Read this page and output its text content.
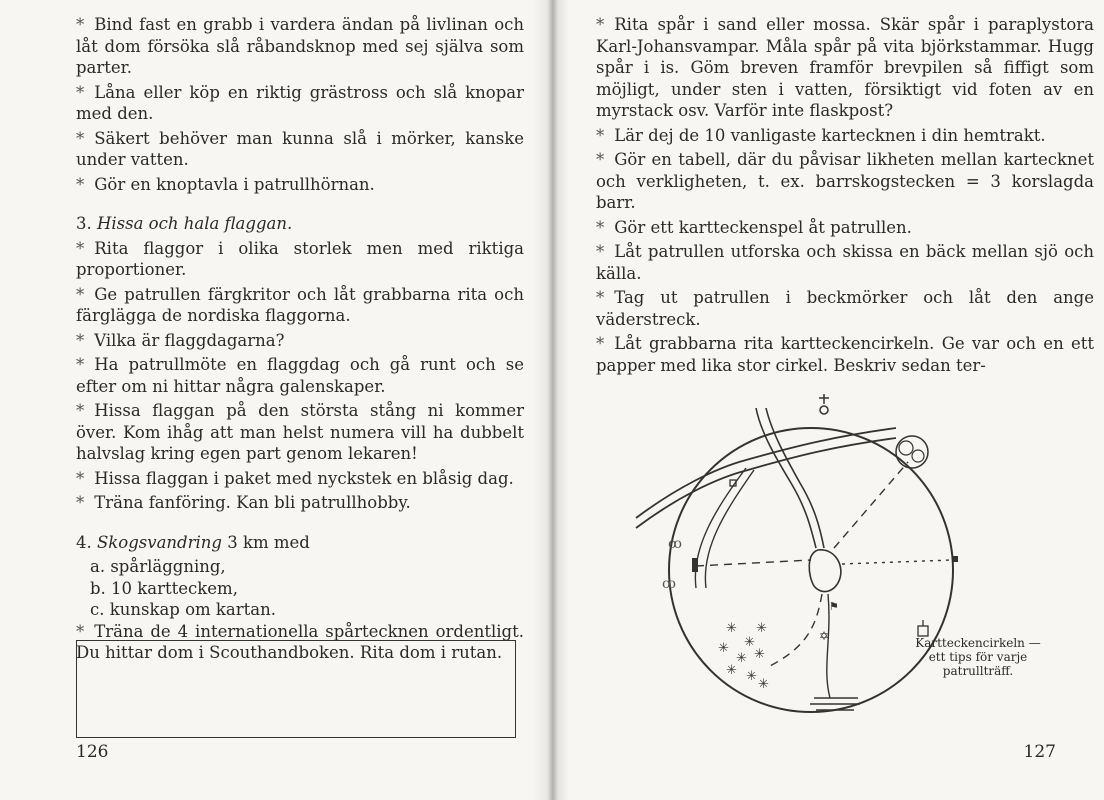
* Bind fast en grabb i vardera ändan på livlinan och låt dom försöka slå råbandsknop med sej själva som parter.

* Låna eller köp en riktig grästross och slå knopar med den.

* Säkert behöver man kunna slå i mörker, kanske under vatten.

* Gör en knoptavla i patrullhörnan.

3. Hissa och hala flaggan.

* Rita flaggor i olika storlek men med riktiga proportioner.

* Ge patrullen färgkritor och låt grabbarna rita och färglägga de nordiska flaggorna.

* Vilka är flaggdagarna?

* Ha patrullmöte en flaggdag och gå runt och se efter om ni hittar några galenskaper.

* Hissa flaggan på den största stång ni kommer över. Kom ihåg att man helst numera vill ha dubbelt halvslag kring egen part genom lekaren!

* Hissa flaggan i paket med nyckstek en blåsig dag.

* Träna fanföring. Kan bli patrullhobby.

4. Skogsvandring 3 km med

a. spårläggning,

b. 10 kartteckem,

c. kunskap om kartan.

* Träna de 4 internationella spårtecknen ordentligt. Du hittar dom i Scouthandboken. Rita dom i rutan.

126

* Rita spår i sand eller mossa. Skär spår i paraplystora Karl-Johansvampar. Måla spår på vita björkstammar. Hugg spår i is. Göm breven framför brevpilen så fiffigt som möjligt, under sten i vatten, försiktigt vid foten av en myrstack osv. Varför inte flaskpost?

* Lär dej de 10 vanligaste kartecknen i din hemtrakt.

* Gör en tabell, där du påvisar likheten mellan kartecknet och verkligheten, t. ex. barrskogstecken = 3 korslagda barr.

* Gör ett kartteckenspel åt patrullen.

* Låt patrullen utforska och skissa en bäck mellan sjö och källa.

* Tag ut patrullen i beckmörker och låt den ange väderstreck.

* Låt grabbarna rita kartteckencirkeln. Ge var och en ett papper med lika stor cirkel. Beskriv sedan ter-

✡
⚑
ꝏ
ꝏ
✳
✳
✳
✳
✳ ✳
✳ ✳
✳
Kartteckencirkeln — ett tips för varje patrullträff.
127
